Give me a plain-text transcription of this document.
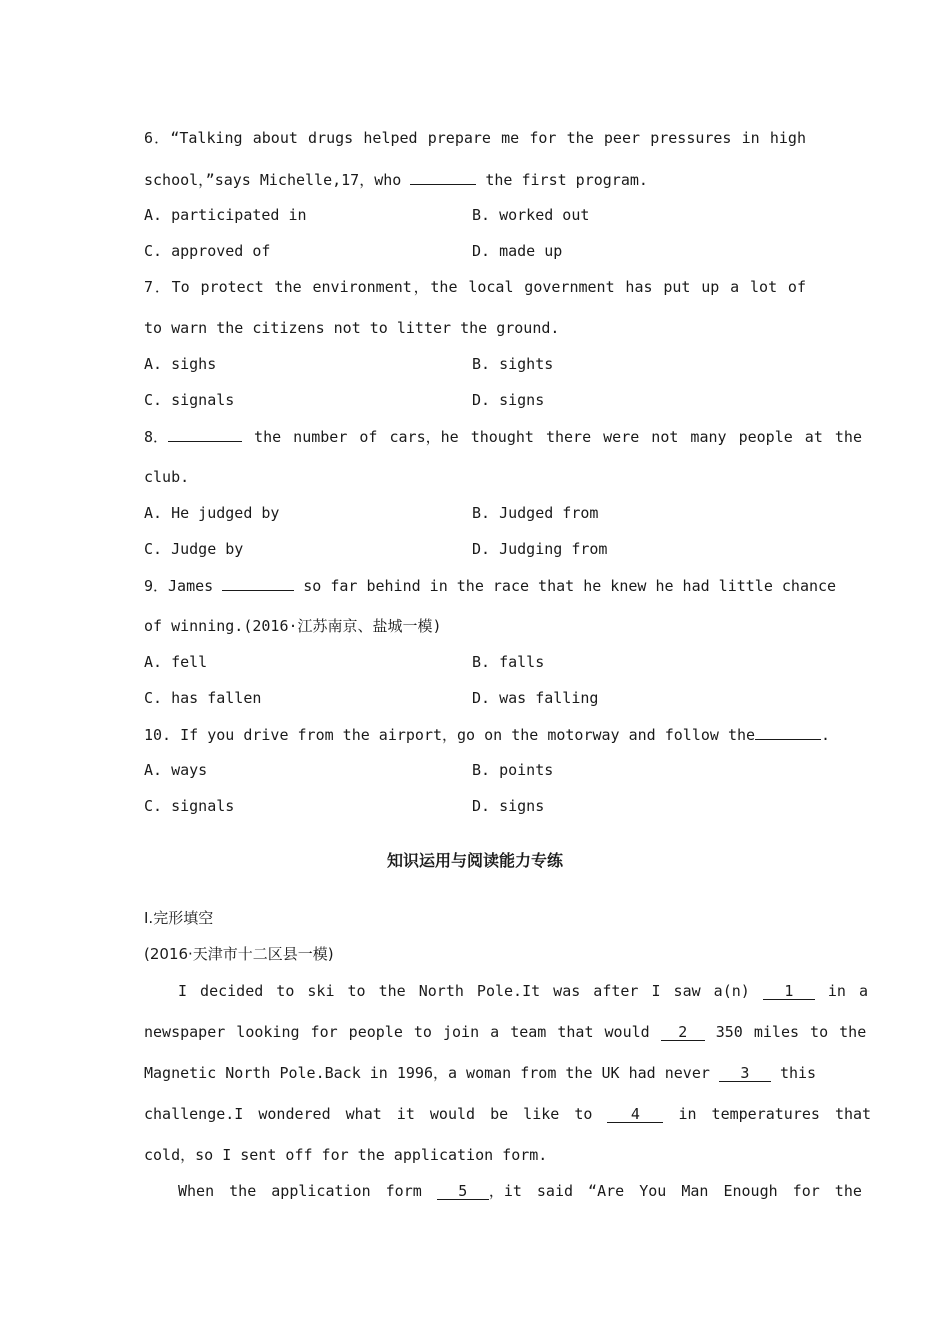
6．“Talking about drugs helped prepare me for the peer pressures in high
school，”says Michelle,17，who	the first program.
A. participated in	B. worked out
C. approved of	D. made up
7．To protect the environment，the local government has put up a lot of
to warn the citizens not to litter the ground.
A. sighs	B. sights
C. signals	D. signs
8．	the number of cars，he thought there were not many people at the
club.
A. He judged by	B. Judged from
C. Judge by	D. Judging from
9．James	so far behind in the race that he knew he had little chance
of winning.(2016·江苏南京、盐城一模)
A. fell	B. falls
C. has fallen	D. was falling
10. If you drive from the airport，go on the motorway and follow the	.
A. ways	B. points
C. signals	D. signs
知识运用与阅读能力专练
Ⅰ.完形填空
(2016·天津市十二区县一模)
I decided to ski to the North Pole.It was after I saw a(n) 1 in a
newspaper looking for people to join a team that would 2 350 miles to the
Magnetic North Pole.Back in 1996，a woman from the UK had never 3 this
challenge.I wondered what it would be like to 4 in temperatures that
cold，so I sent off for the application form.
When the application form 5 ，it said “Are You Man Enough for the
